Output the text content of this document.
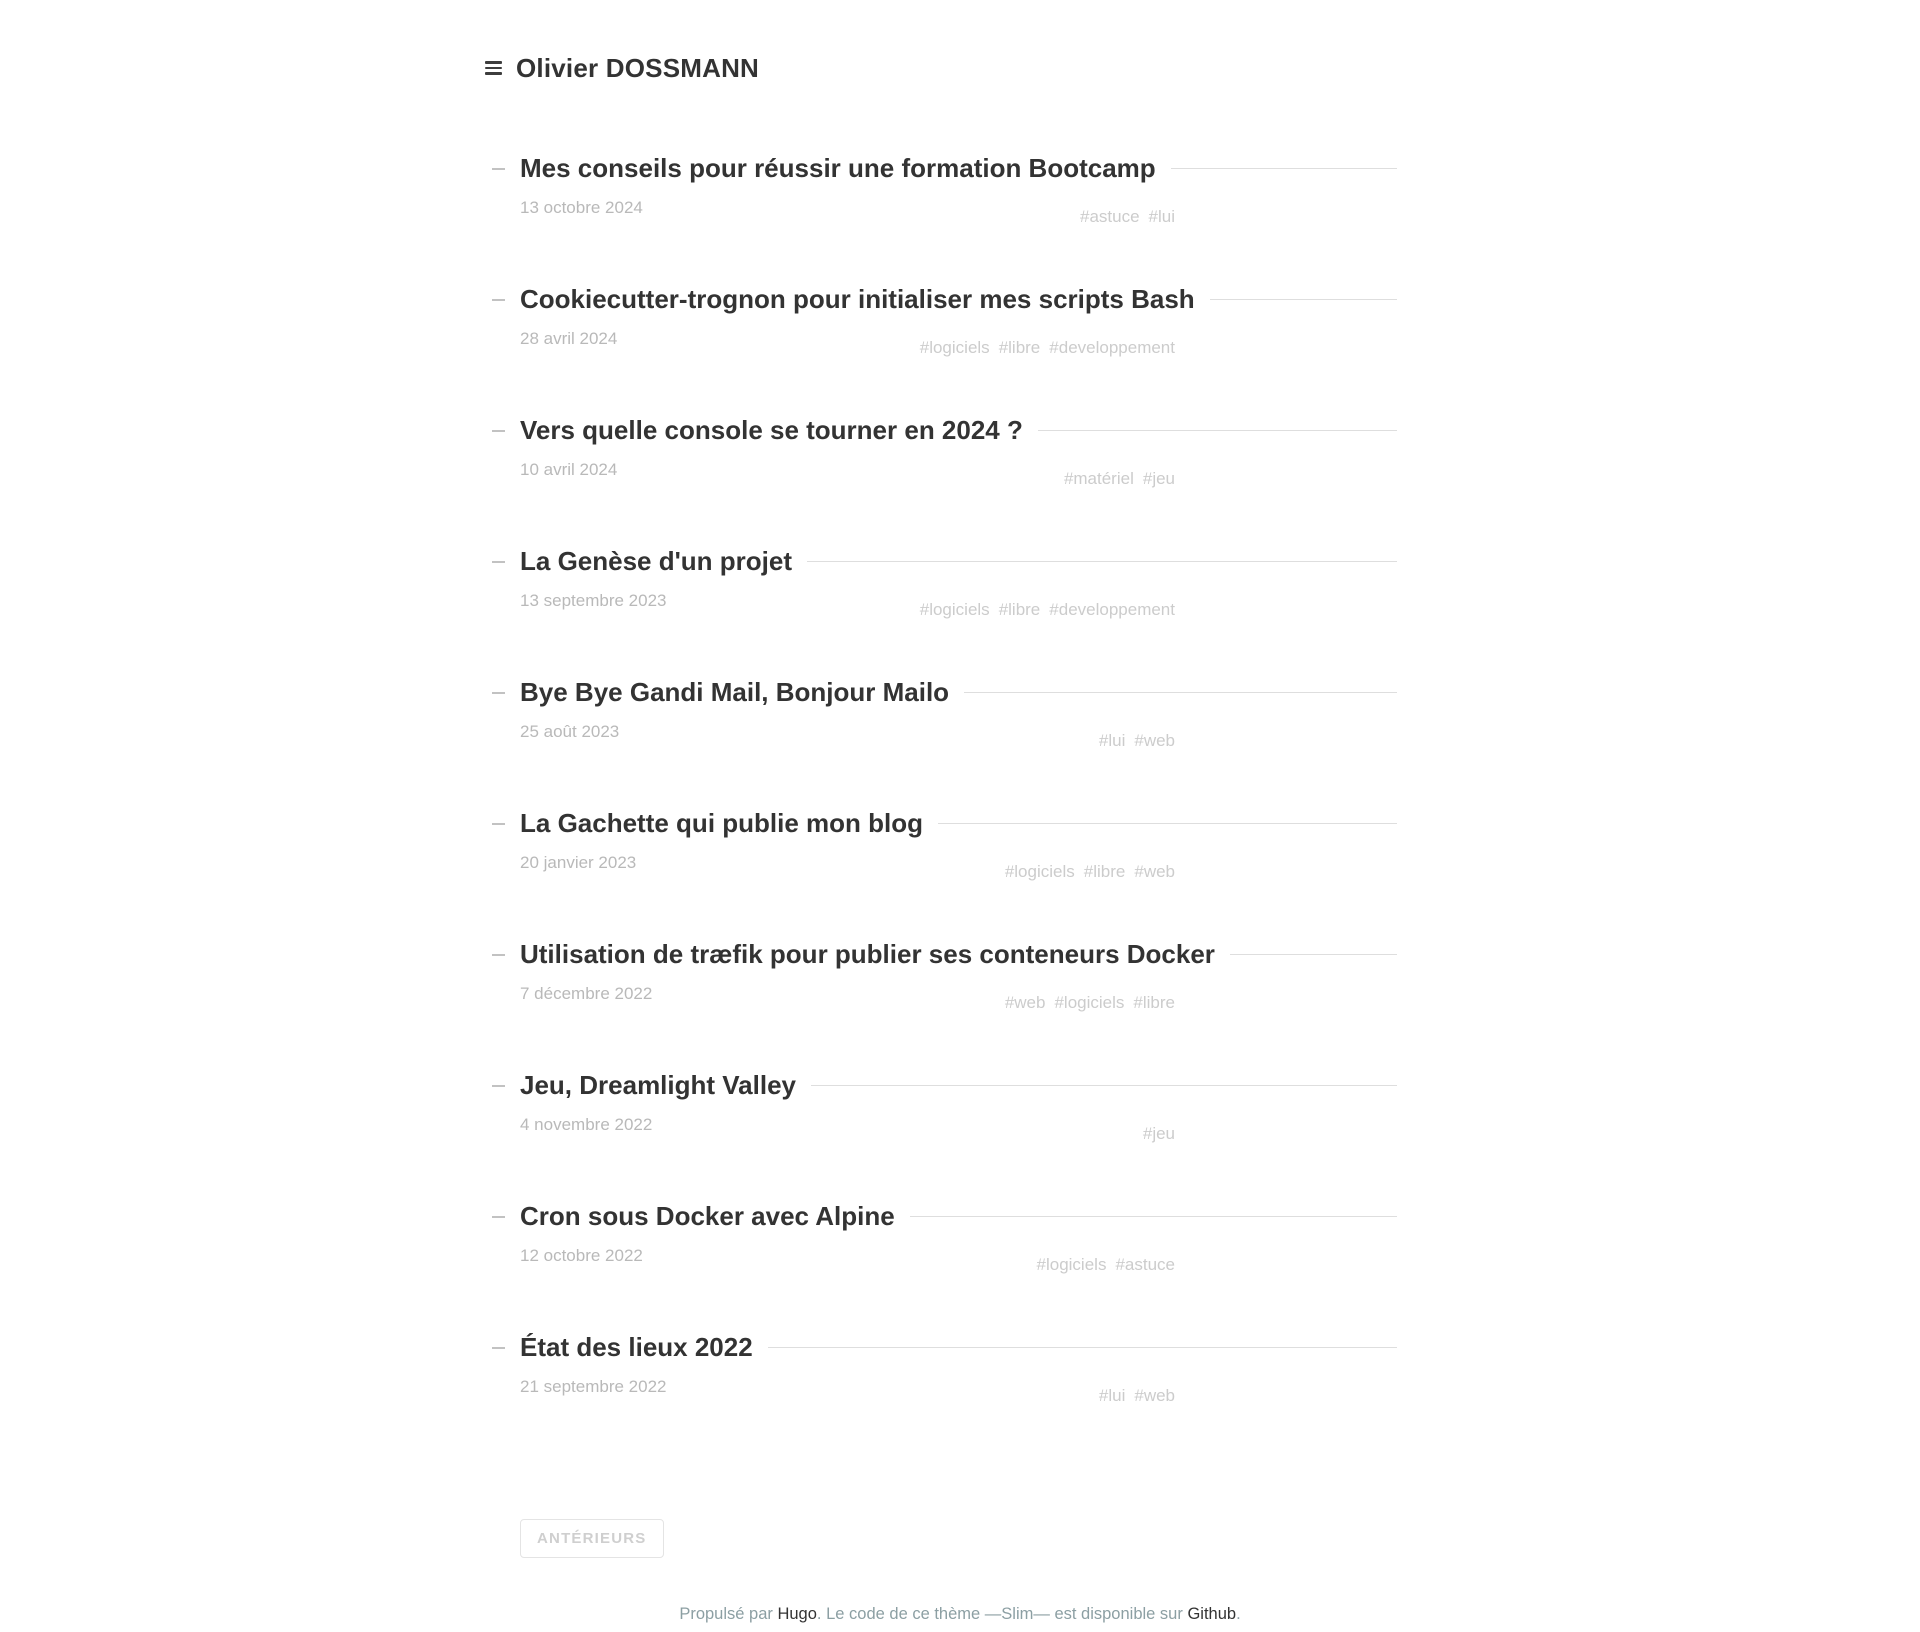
Olivier DOSSMANN
Mes conseils pour réussir une formation Bootcamp
13 octobre 2024	#astuce #lui
Cookiecutter-trognon pour initialiser mes scripts Bash
28 avril 2024	#logiciels #libre #developpement
Vers quelle console se tourner en 2024 ?
10 avril 2024	#matériel #jeu
La Genèse d'un projet
13 septembre 2023	#logiciels #libre #developpement
Bye Bye Gandi Mail, Bonjour Mailo
25 août 2023	#lui #web
La Gachette qui publie mon blog
20 janvier 2023	#logiciels #libre #web
Utilisation de træfik pour publier ses conteneurs Docker
7 décembre 2022	#web #logiciels #libre
Jeu, Dreamlight Valley
4 novembre 2022	#jeu
Cron sous Docker avec Alpine
12 octobre 2022	#logiciels #astuce
État des lieux 2022
21 septembre 2022	#lui #web
ANTÉRIEURS
Propulsé par Hugo. Le code de ce thème —Slim— est disponible sur Github.
